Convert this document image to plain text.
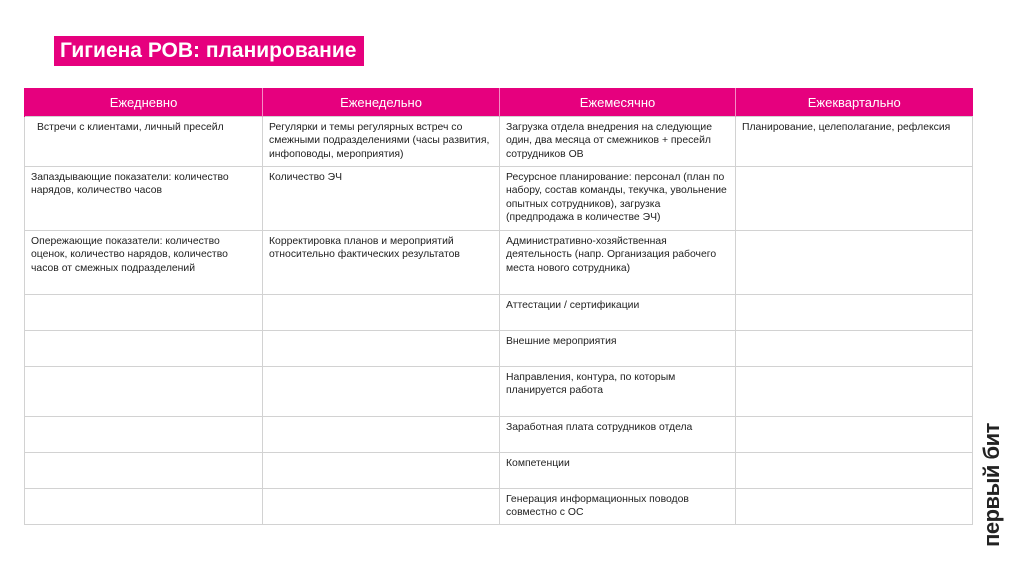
Гигиена РОВ: планирование
Ежедневно	Еженедельно	Ежемесячно	Ежеквартально
Встречи с клиентами, личный пресейл	Регулярки и темы регулярных встреч со смежными подразделениями (часы развития, инфоповоды, мероприятия)	Загрузка отдела внедрения на следующие один, два месяца от смежников + пресейл сотрудников ОВ	Планирование, целеполагание, рефлексия
Запаздывающие показатели: количество нарядов, количество часов	Количество ЭЧ	Ресурсное планирование: персонал (план по набору, состав команды, текучка, увольнение опытных сотрудников), загрузка (предпродажа в количестве ЭЧ)	
Опережающие показатели: количество оценок, количество нарядов, количество часов от смежных подразделений	Корректировка планов и мероприятий относительно фактических результатов	Административно-хозяйственная деятельность (напр. Организация рабочего места нового сотрудника)	
		Аттестации / сертификации	
		Внешние мероприятия	
		Направления, контура, по которым планируется работа	
		Заработная плата сотрудников отдела	
		Компетенции	
		Генерация информационных поводов совместно с ОС		первый бит
